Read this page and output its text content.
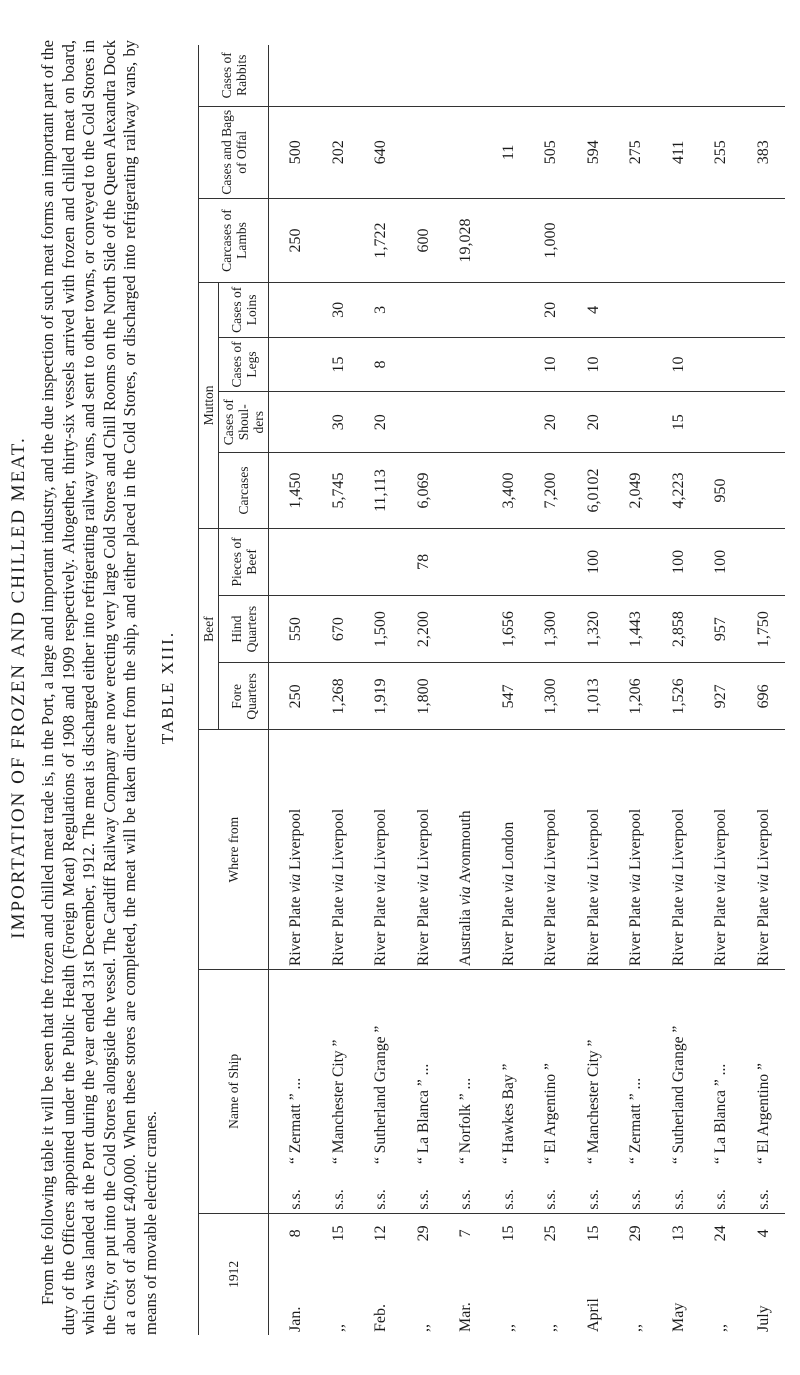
IMPORTATION OF FROZEN AND CHILLED MEAT. From the following table it will be seen that the frozen and chilled meat trade is, in the Port, a large and important industry, and the due inspection of such meat forms an important part of the duty of the Officers appointed under the Public Health (Foreign Meat) Regulations of 1908 and 1909 respectively. Altogether, thirty-six vessels arrived with frozen and chilled meat on board, which was landed at the Port during the year ended 31st December, 1912. The meat is discharged either into refrigerating railway vans, and sent to other towns, or conveyed to the Cold Stores in the City, or put into the Cold Stores alongside the vessel. The Cardiff Railway Company are now erecting very large Cold Stores and Chill Rooms on the North Side of the Queen Alexandra Dock at a cost of about £40,000. When these stores are completed, the meat will be taken direct from the ship, and either placed in the Cold Stores, or discharged into refrigerating railway vans, by means of movable electric cranes.

TABLE XIII.
1912		Name of Ship		Where from	Beef			Mutton				Carcases of Lambs	Cases and Bags of Offal	Cases of Rabbits
					Fore Quarters	Hind Quarters	Pieces of Beef	Carcases	Cases of Shoul- ders	Cases of Legs	Cases of Loins			
Jan.	8	s.s.	“ Zermatt ” ...	River Plate via Liverpool	250	550		1,450				250	500	
,,	15	s.s.	“ Manchester City ”	River Plate via Liverpool	1,268	670		5,745	30	15	30		202	
Feb.	12	s.s.	“ Sutherland Grange ”	River Plate via Liverpool	1,919	1,500		11,113	20	8	3	1,722	640	
,,	29	s.s.	“ La Blanca ” ...	River Plate via Liverpool	1,800	2,200	78	6,069				600		
Mar.	7	s.s.	“ Norfolk ” ...	Australia via Avonmouth								19,028		
,,	15	s.s.	“ Hawkes Bay ”	River Plate via London	547	1,656		3,400					11	
,,	25	s.s.	“ El Argentino ”	River Plate via Liverpool	1,300	1,300		7,200	20	10	20	1,000	505	
April	15	s.s.	“ Manchester City ”	River Plate via Liverpool	1,013	1,320	100	6,0102	20	10	4		594	
,,	29	s.s.	“ Zermatt ” ...	River Plate via Liverpool	1,206	1,443		2,049					275	
May	13	s.s.	“ Sutherland Grange ”	River Plate via Liverpool	1,526	2,858	100	4,223	15	10			411	
,,	24	s.s.	“ La Blanca ” ...	River Plate via Liverpool	927	957	100	950					255	
July	4	s.s.	“ El Argentino ”	River Plate via Liverpool	696	1,750							383	
